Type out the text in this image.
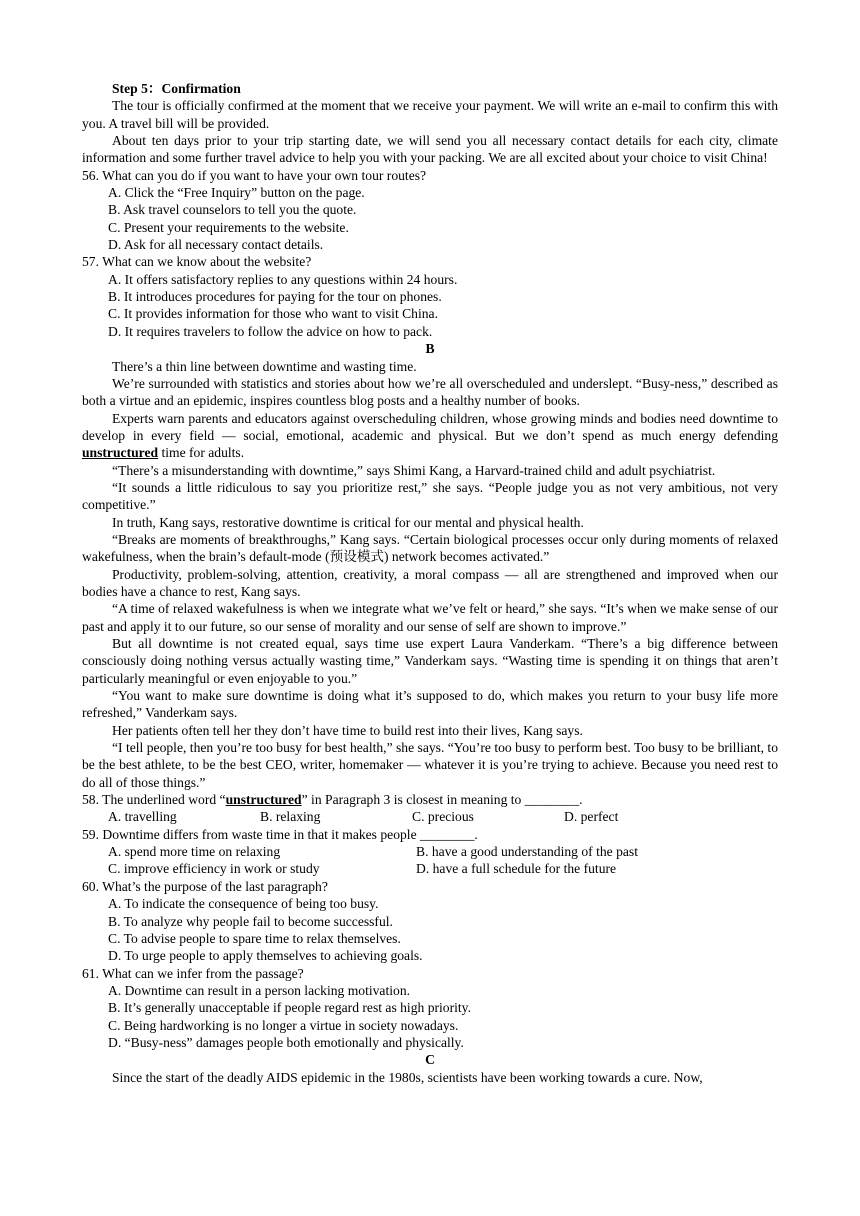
Step 5：Confirmation

The tour is officially confirmed at the moment that we receive your payment. We will write an e-mail to confirm this with you. A travel bill will be provided.

About ten days prior to your trip starting date, we will send you all necessary contact details for each city, climate information and some further travel advice to help you with your packing. We are all excited about your choice to visit China!

56. What can you do if you want to have your own tour routes?

A. Click the “Free Inquiry” button on the page.

B. Ask travel counselors to tell you the quote.

C. Present your requirements to the website.

D. Ask for all necessary contact details.

57. What can we know about the website?

A. It offers satisfactory replies to any questions within 24 hours.

B. It introduces procedures for paying for the tour on phones.

C. It provides information for those who want to visit China.

D. It requires travelers to follow the advice on how to pack.

B

There’s a thin line between downtime and wasting time.

We’re surrounded with statistics and stories about how we’re all overscheduled and underslept. “Busy-ness,” described as both a virtue and an epidemic, inspires countless blog posts and a healthy number of books.

Experts warn parents and educators against overscheduling children, whose growing minds and bodies need downtime to develop in every field — social, emotional, academic and physical. But we don’t spend as much energy defending unstructured time for adults.

“There’s a misunderstanding with downtime,” says Shimi Kang, a Harvard-trained child and adult psychiatrist.

“It sounds a little ridiculous to say you prioritize rest,” she says. “People judge you as not very ambitious, not very competitive.”

In truth, Kang says, restorative downtime is critical for our mental and physical health.

“Breaks are moments of breakthroughs,” Kang says. “Certain biological processes occur only during moments of relaxed wakefulness, when the brain’s default-mode (预设模式) network becomes activated.”

Productivity, problem-solving, attention, creativity, a moral compass — all are strengthened and improved when our bodies have a chance to rest, Kang says.

“A time of relaxed wakefulness is when we integrate what we’ve felt or heard,” she says. “It’s when we make sense of our past and apply it to our future, so our sense of morality and our sense of self are shown to improve.”

But all downtime is not created equal, says time use expert Laura Vanderkam. “There’s a big difference between consciously doing nothing versus actually wasting time,” Vanderkam says. “Wasting time is spending it on things that aren’t particularly meaningful or even enjoyable to you.”

“You want to make sure downtime is doing what it’s supposed to do, which makes you return to your busy life more refreshed,” Vanderkam says.

Her patients often tell her they don’t have time to build rest into their lives, Kang says.

“I tell people, then you’re too busy for best health,” she says. “You’re too busy to perform best. Too busy to be brilliant, to be the best athlete, to be the best CEO, writer, homemaker — whatever it is you’re trying to achieve. Because you need rest to do all of those things.”

58. The underlined word “unstructured” in Paragraph 3 is closest in meaning to ________.

A. travelling	B. relaxing	C. precious	D. perfect

59. Downtime differs from waste time in that it makes people ________.

A. spend more time on relaxing	B. have a good understanding of the past
C. improve efficiency in work or study	D. have a full schedule for the future

60. What’s the purpose of the last paragraph?

A. To indicate the consequence of being too busy.

B. To analyze why people fail to become successful.

C. To advise people to spare time to relax themselves.

D. To urge people to apply themselves to achieving goals.

61. What can we infer from the passage?

A. Downtime can result in a person lacking motivation.

B. It’s generally unacceptable if people regard rest as high priority.

C. Being hardworking is no longer a virtue in society nowadays.

D. “Busy-ness” damages people both emotionally and physically.

C

Since the start of the deadly AIDS epidemic in the 1980s, scientists have been working towards a cure. Now,
